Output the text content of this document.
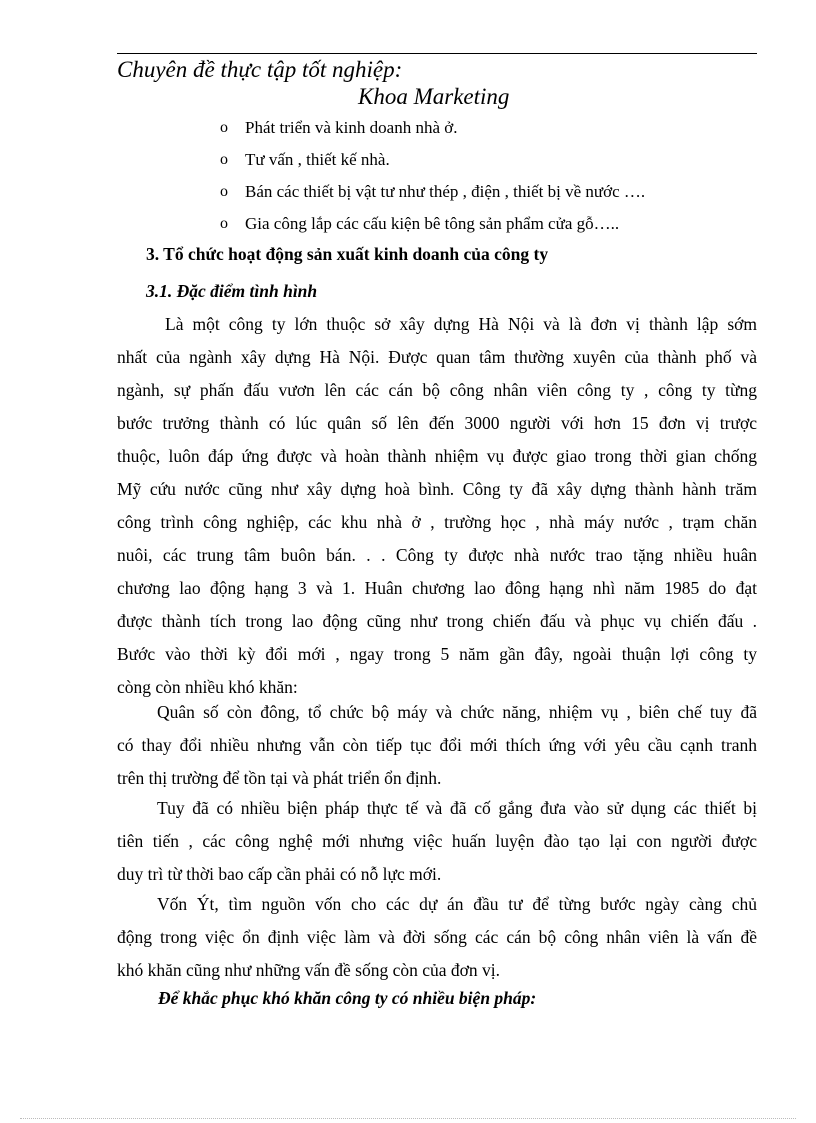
Chuyên đề thực tập tốt nghiệp:
Khoa Marketing
o	Phát triển và kinh doanh nhà ở.
o	Tư vấn , thiết kế nhà.
o	Bán các thiết bị vật tư như thép , điện , thiết bị về nước ….
o	Gia công lắp các cấu kiện bê tông sản phẩm cửa gỗ…..
3. Tổ chức hoạt động sản xuất kinh doanh của công ty
3.1. Đặc điểm tình hình
Là một công ty lớn thuộc sở xây dựng Hà Nội và là đơn vị thành lập sớm
nhất của ngành xây dựng Hà Nội. Được quan tâm thường xuyên của thành phố và
ngành, sự phấn đấu vươn lên các cán bộ công nhân viên công ty , công ty từng
bước trưởng thành có lúc quân số lên đến 3000 người với hơn 15 đơn vị trược
thuộc, luôn đáp ứng được và hoàn thành nhiệm vụ được giao trong thời gian chống
Mỹ cứu nước cũng như xây dựng hoà bình. Công ty đã xây dựng thành hành trăm
công trình công nghiệp, các khu nhà ở , trường học , nhà máy nước , trạm chăn
nuôi, các trung tâm buôn bán. . . Công ty được nhà nước trao tặng nhiều huân
chương lao động hạng 3 và 1. Huân chương lao đông hạng nhì năm 1985 do đạt
được thành tích trong lao động cũng như trong chiến đấu và phục vụ chiến đấu .
Bước vào thời kỳ đổi mới , ngay trong 5 năm gần đây, ngoài thuận lợi công ty
còng còn nhiều khó khăn:
Quân số còn đông, tổ chức bộ máy và chức năng, nhiệm vụ , biên chế tuy đã
có thay đổi nhiều nhưng vẫn còn tiếp tục đổi mới thích ứng với yêu cầu cạnh tranh
trên thị trường để tồn tại và phát triển ổn định.
Tuy đã có nhiều biện pháp thực tế và đã cố gắng đưa vào sử dụng các thiết bị
tiên tiến , các công nghệ mới nhưng việc huấn luyện đào tạo lại con người được
duy trì từ thời bao cấp cần phải có nỗ lực mới.
Vốn Ýt, tìm nguồn vốn cho các dự án đầu tư để từng bước ngày càng chủ
động trong việc ổn định việc làm và đời sống các cán bộ công nhân viên là vấn đề
khó khăn cũng như những vấn đề sống còn của đơn vị.
Để khắc phục khó khăn công ty có nhiều biện pháp:
